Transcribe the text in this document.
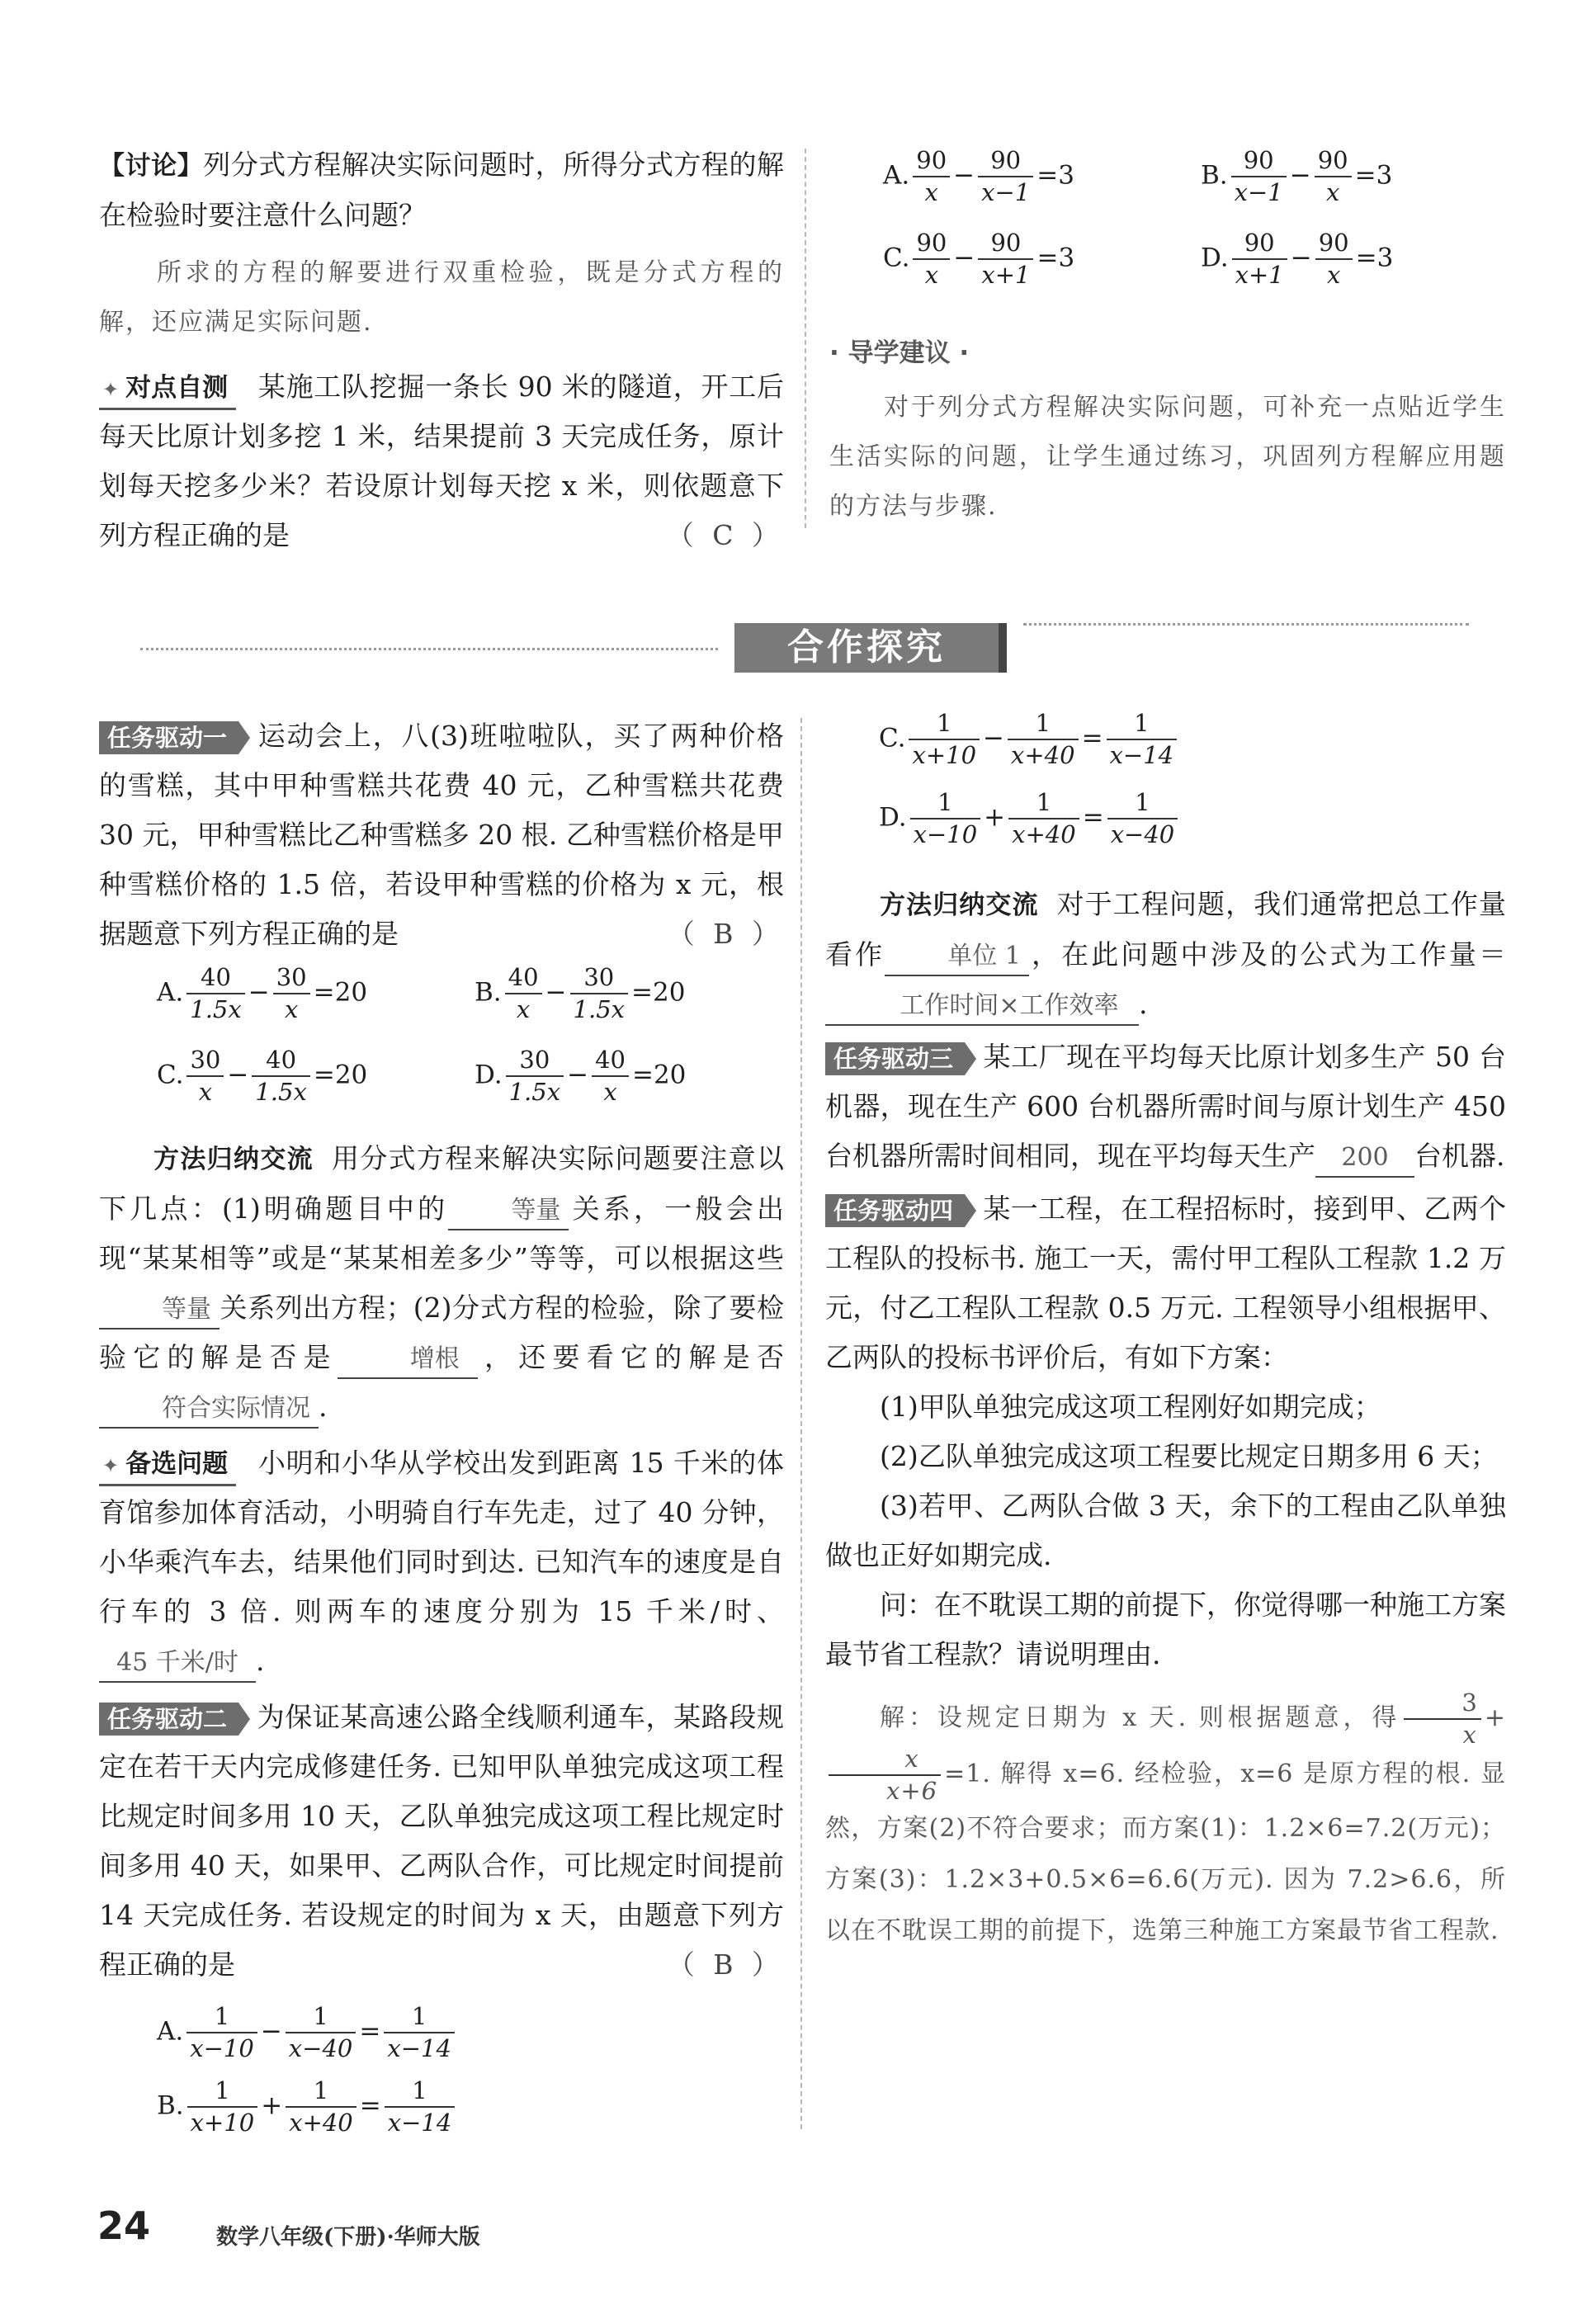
【讨论】列分式方程解决实际问题时，所得分式方程的解在检验时要注意什么问题？

所求的方程的解要进行双重检验，既是分式方程的解，还应满足实际问题.

✦ 对点自测 某施工队挖掘一条长 90 米的隧道，开工后每天比原计划多挖 1 米，结果提前 3 天完成任务，原计划每天挖多少米？若设原计划每天挖 x 米，则依题意下列方程正确的是	（ C ）

A. $\frac{90}{x} - \frac{90}{x-1} =3$	B. $\frac{90}{x-1} - \frac{90}{x} =3$
C. $\frac{90}{x} - \frac{90}{x+1} =3$	D. $\frac{90}{x+1} - \frac{90}{x} =3$
· 导学建议 ·

对于列分式方程解决实际问题，可补充一点贴近学生生活实际的问题，让学生通过练习，巩固列方程解应用题的方法与步骤.

合作探究

任务驱动一 运动会上，八(3)班啦啦队，买了两种价格的雪糕，其中甲种雪糕共花费 40 元，乙种雪糕共花费 30 元，甲种雪糕比乙种雪糕多 20 根. 乙种雪糕价格是甲种雪糕价格的 1.5 倍，若设甲种雪糕的价格为 x 元，根据题意下列方程正确的是	（ B ）

A. $\frac{40}{1.5x} - \frac{30}{x} =20$	B. $\frac{40}{x} - \frac{30}{1.5x} =20$
C. $\frac{30}{x} - \frac{40}{1.5x} =20$	D. $\frac{30}{1.5x} - \frac{40}{x} =20$

方法归纳交流 用分式方程来解决实际问题要注意以下几点：(1)明确题目中的	等量 关系，一般会出现“某某相等”或是“某某相差多少”等等，可以根据这些等量 关系列出方程；(2)分式方程的检验，除了要检验它的解是否是	增根 ，还要看它的解是否符合实际情况 .

✦ 备选问题 小明和小华从学校出发到距离 15 千米的体育馆参加体育活动，小明骑自行车先走，过了 40 分钟，小华乘汽车去，结果他们同时到达. 已知汽车的速度是自行车的 3 倍. 则两车的速度分别为 15 千米/时、45 千米/时 .

任务驱动二 为保证某高速公路全线顺利通车，某路段规定在若干天内完成修建任务. 已知甲队单独完成这项工程比规定时间多用 10 天，乙队单独完成这项工程比规定时间多用 40 天，如果甲、乙两队合作，可比规定时间提前 14 天完成任务. 若设规定的时间为 x 天，由题意下列方程正确的是	（ B ）

A. $\frac{1}{x-10} - \frac{1}{x-40} = \frac{1}{x-14}$
B. $\frac{1}{x+10} + \frac{1}{x+40} = \frac{1}{x-14}$
C. $\frac{1}{x+10} - \frac{1}{x+40} = \frac{1}{x-14}$
D. $\frac{1}{x-10} + \frac{1}{x+40} = \frac{1}{x-40}$

方法归纳交流 对于工程问题，我们通常把总工作量看作	单位 1 ，在此问题中涉及的公式为工作量＝工作时间×工作效率 .

任务驱动三 某工厂现在平均每天比原计划多生产 50 台机器，现在生产 600 台机器所需时间与原计划生产 450 台机器所需时间相同，现在平均每天生产 200 台机器.

任务驱动四 某一工程，在工程招标时，接到甲、乙两个工程队的投标书. 施工一天，需付甲工程队工程款 1.2 万元，付乙工程队工程款 0.5 万元. 工程领导小组根据甲、乙两队的投标书评价后，有如下方案：

(1)甲队单独完成这项工程刚好如期完成；

(2)乙队单独完成这项工程要比规定日期多用 6 天；

(3)若甲、乙两队合做 3 天，余下的工程由乙队单独做也正好如期完成.

问：在不耽误工期的前提下，你觉得哪一种施工方案最节省工程款？请说明理由.

解：设规定日期为 x 天. 则根据题意，得 $\frac{3}{x}$ +
$\frac{x}{x+6} =1$. 解得 x=6. 经检验，x=6 是原方程的根. 显然，方案(2)不符合要求；而方案(1)：1.2×6=7.2(万元)；方案(3)：1.2×3+0.5×6=6.6(万元). 因为 7.2>6.6，所以在不耽误工期的前提下，选第三种施工方案最节省工程款.

24	数学八年级(下册)·华师大版
